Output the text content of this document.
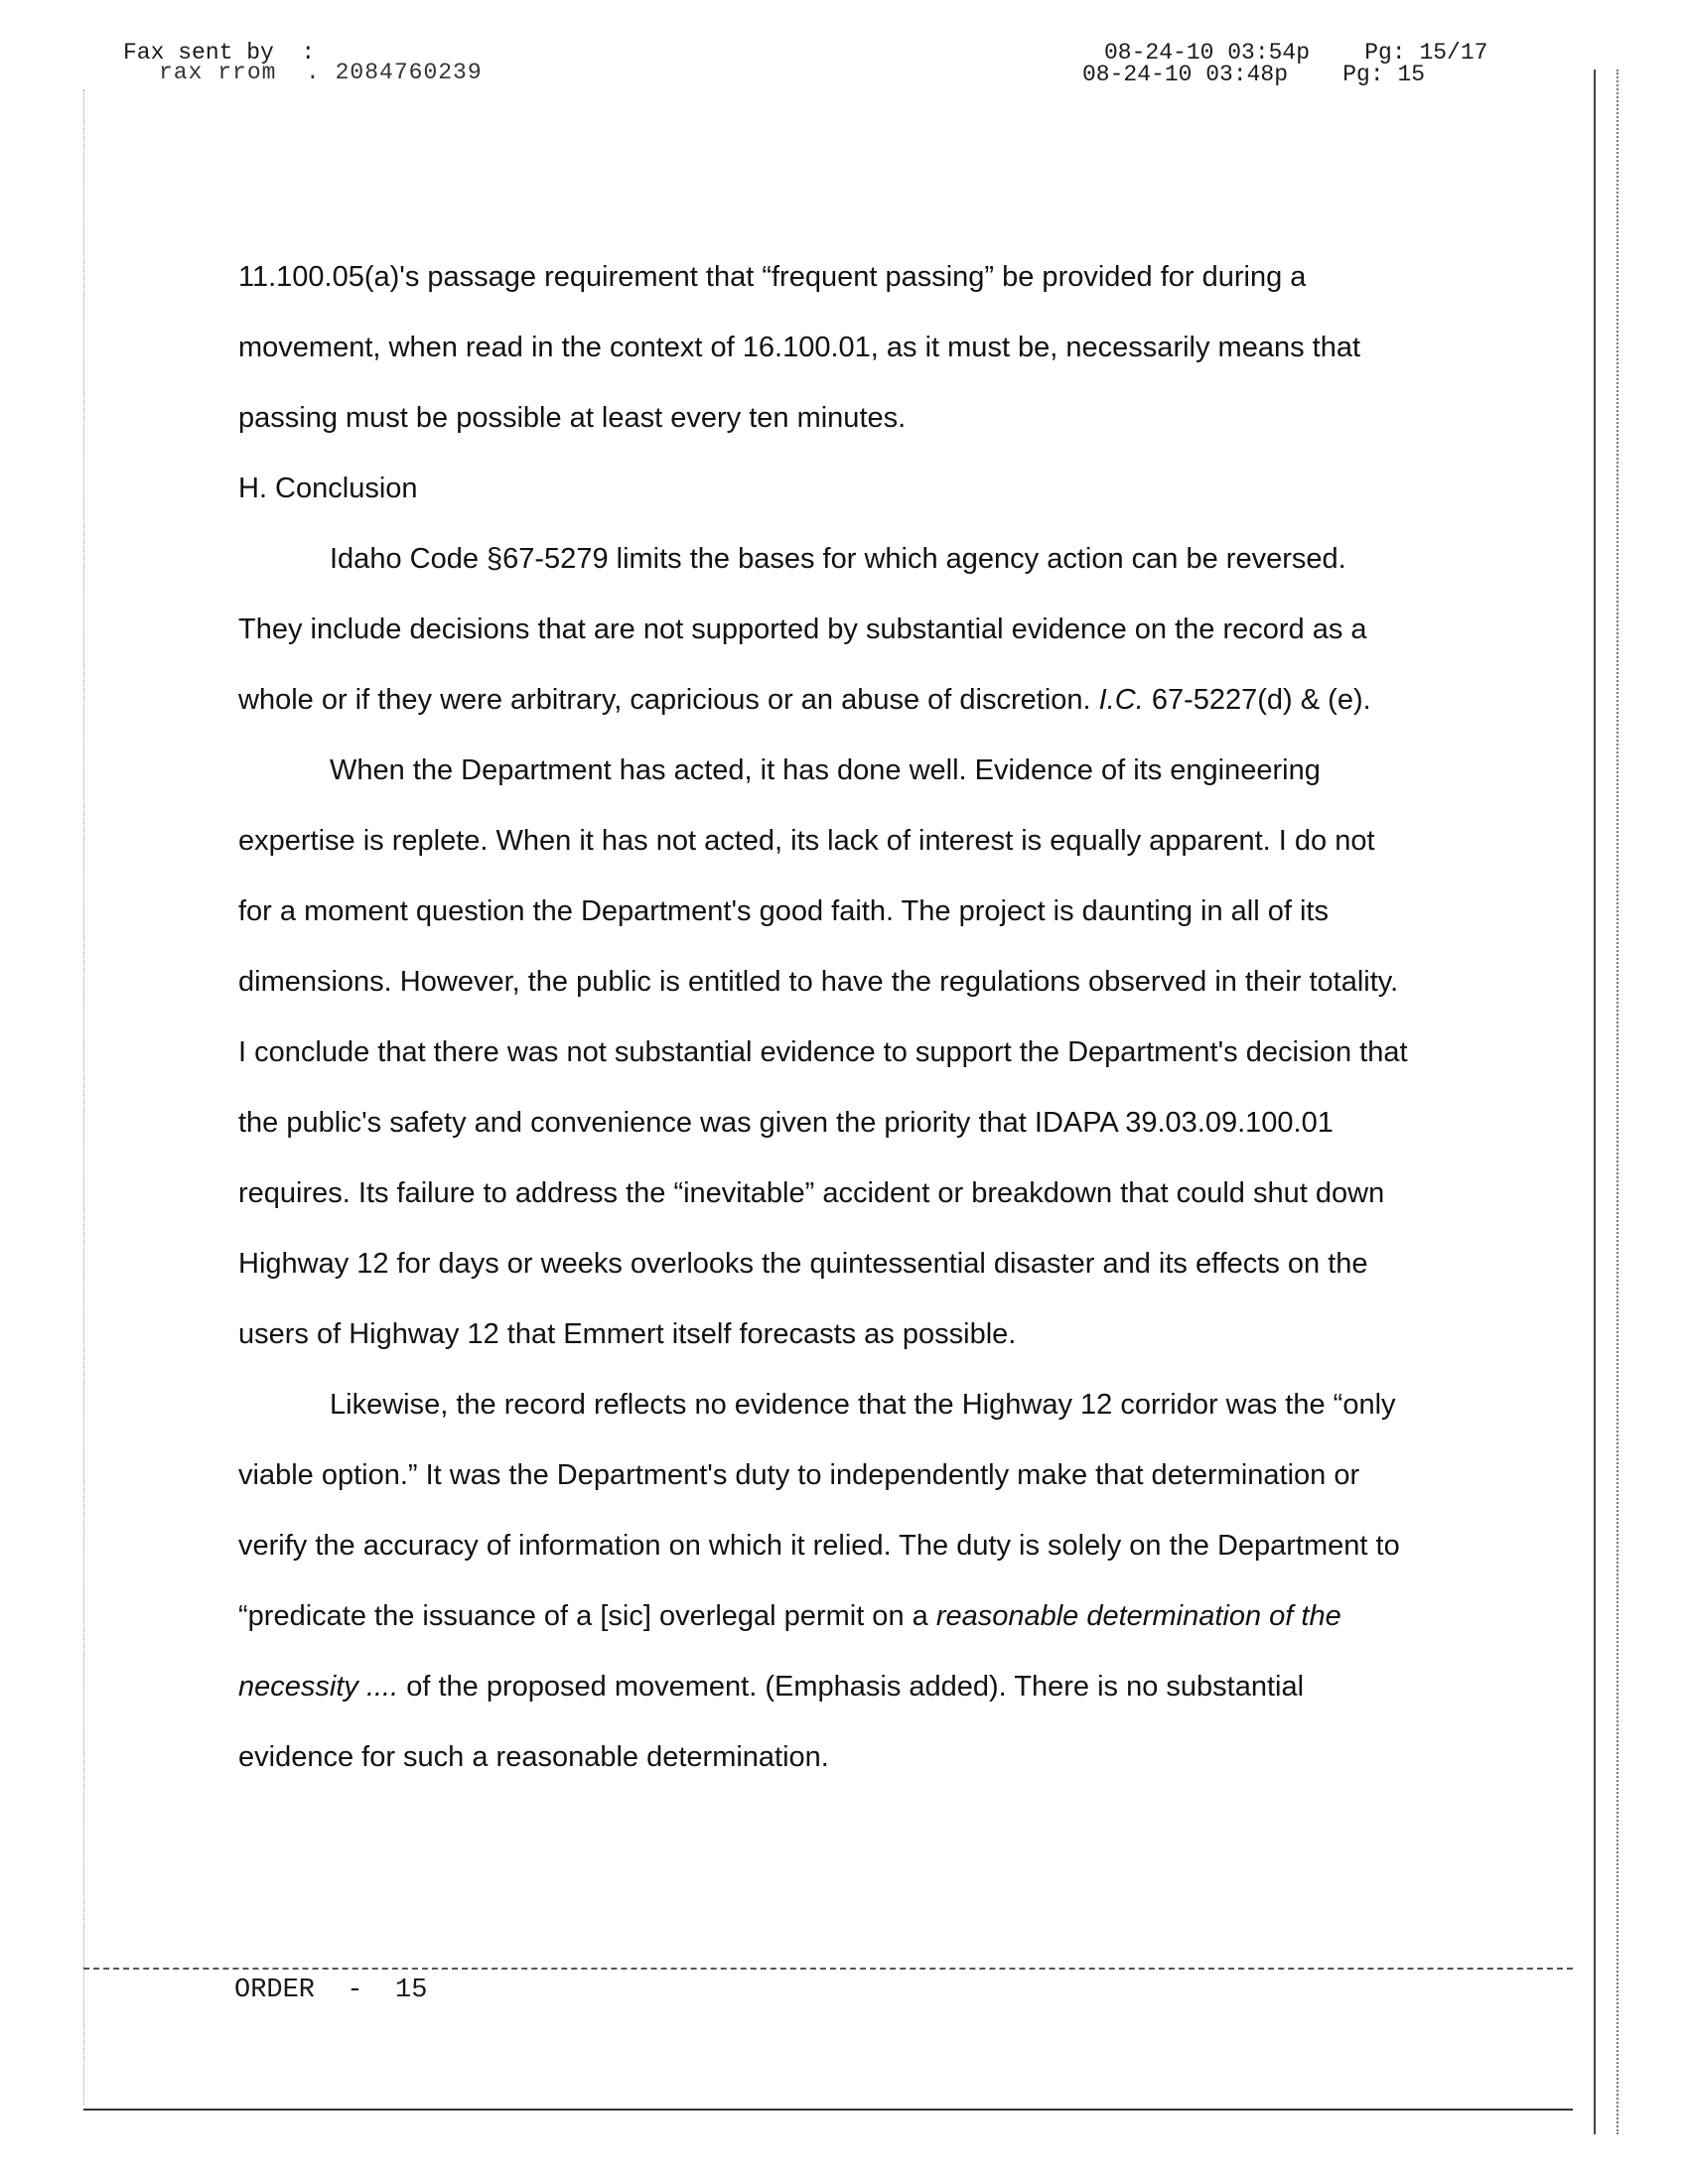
Fax sent by  :
rax rrom  . 2084760239
08-24-10 03:54p    Pg: 15/17
08-24-10 03:48p    Pg: 15

11.100.05(a)'s passage requirement that “frequent passing” be provided for during a movement, when read in the context of 16.100.01, as it must be, necessarily means that passing must be possible at least every ten minutes.

H. Conclusion

Idaho Code §67-5279 limits the bases for which agency action can be reversed. They include decisions that are not supported by substantial evidence on the record as a whole or if they were arbitrary, capricious or an abuse of discretion. I.C. 67-5227(d) & (e).

When the Department has acted, it has done well. Evidence of its engineering expertise is replete. When it has not acted, its lack of interest is equally apparent. I do not for a moment question the Department's good faith. The project is daunting in all of its dimensions. However, the public is entitled to have the regulations observed in their totality. I conclude that there was not substantial evidence to support the Department's decision that the public's safety and convenience was given the priority that IDAPA 39.03.09.100.01 requires. Its failure to address the “inevitable” accident or breakdown that could shut down Highway 12 for days or weeks overlooks the quintessential disaster and its effects on the users of Highway 12 that Emmert itself forecasts as possible.

Likewise, the record reflects no evidence that the Highway 12 corridor was the “only viable option.” It was the Department's duty to independently make that determination or verify the accuracy of information on which it relied. The duty is solely on the Department to “predicate the issuance of a [sic] overlegal permit on a reasonable determination of the necessity .... of the proposed movement. (Emphasis added). There is no substantial evidence for such a reasonable determination.

ORDER  -  15
